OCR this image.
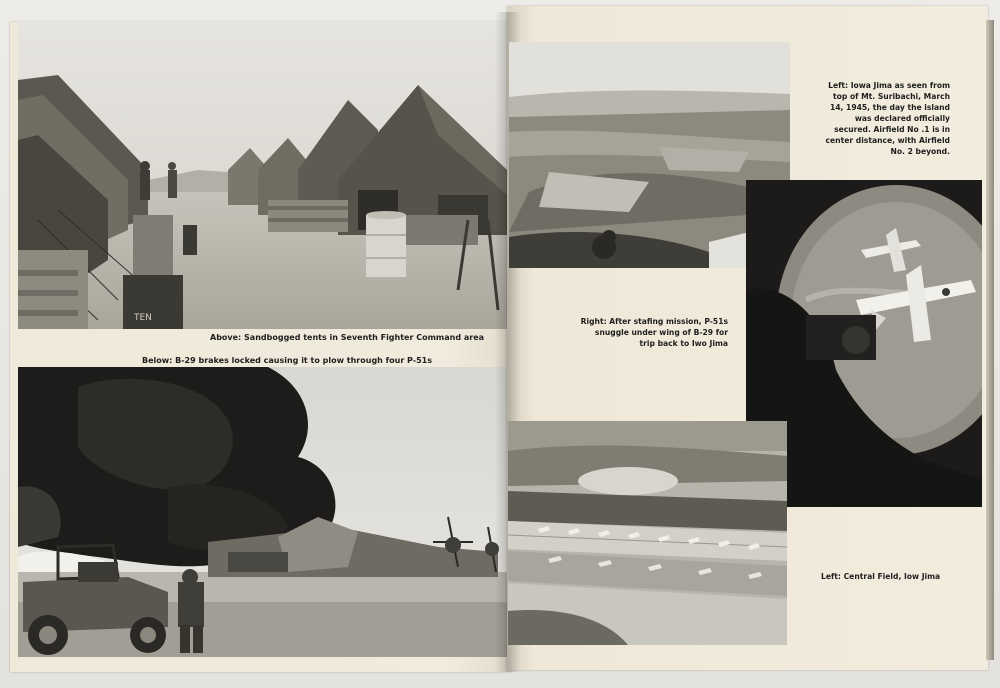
TEN

Above: Sandbogged tents in Seventh Fighter Command area

Below: B-29 brakes locked causing it to plow through four P-51s

Left: Iowa Jima as seen from top of Mt. Suribachi, March 14, 1945, the day the island was declared officially secured. Airfield No .1 is in center distance, with Airfield No. 2 beyond.

Right: After stafing mission, P-51s snuggle under wing of B-29 for trip back to Iwo Jima

Left: Central Field, Iow Jima
